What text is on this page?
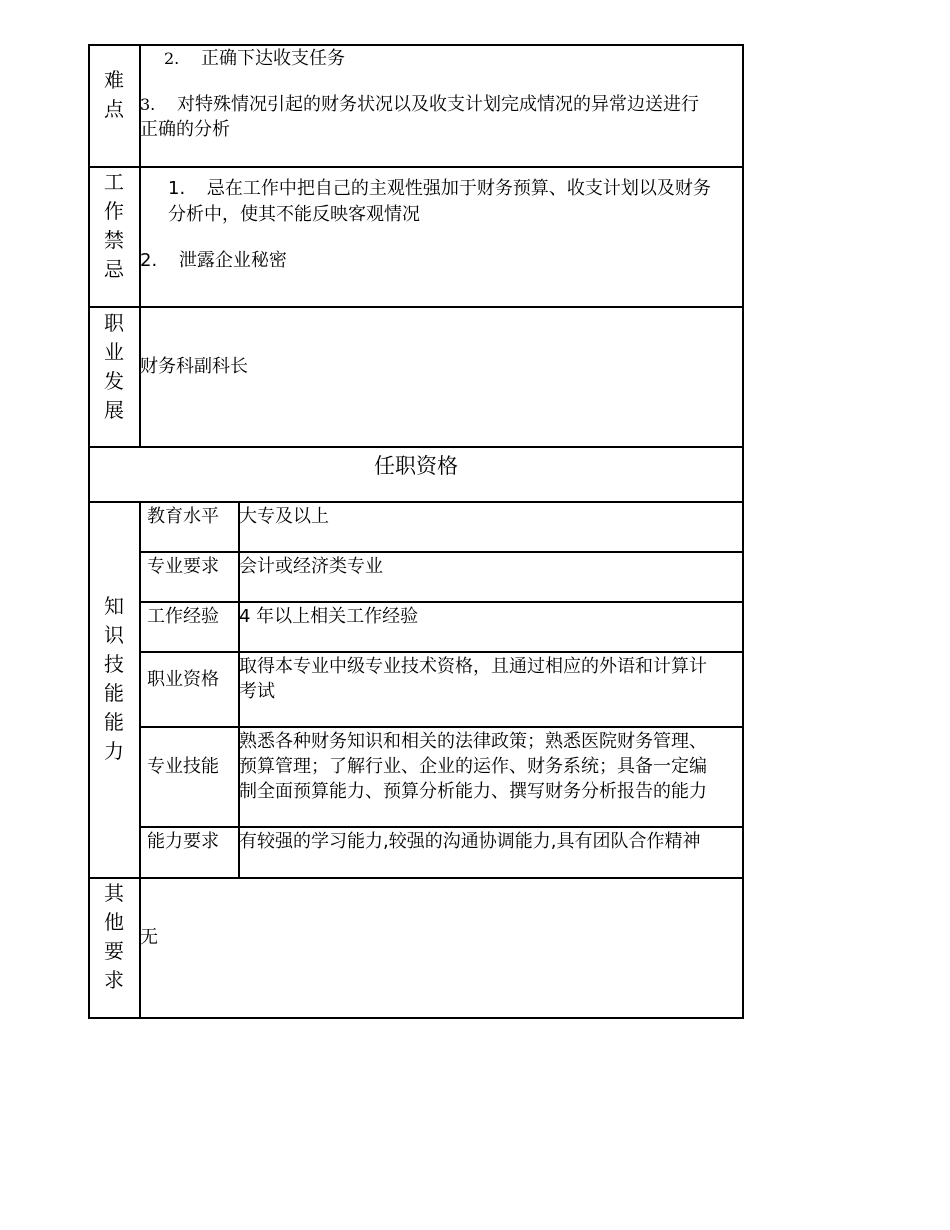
难点
2. 正确下达收支任务
3. 对特殊情况引起的财务状况以及收支计划完成情况的异常边送进行
正确的分析
工作禁忌
1. 忌在工作中把自己的主观性强加于财务预算、收支计划以及财务
分析中，使其不能反映客观情况
2. 泄露企业秘密
职业发展
财务科副科长
任职资格
知识技能能力
教育水平 大专及以上
专业要求 会计或经济类专业
工作经验 4 年以上相关工作经验
职业资格
取得本专业中级专业技术资格，且通过相应的外语和计算计
考试
专业技能
熟悉各种财务知识和相关的法律政策；熟悉医院财务管理、
预算管理；了解行业、企业的运作、财务系统；具备一定编
制全面预算能力、预算分析能力、撰写财务分析报告的能力
能力要求 有较强的学习能力,较强的沟通协调能力,具有团队合作精神
其他要求
无
